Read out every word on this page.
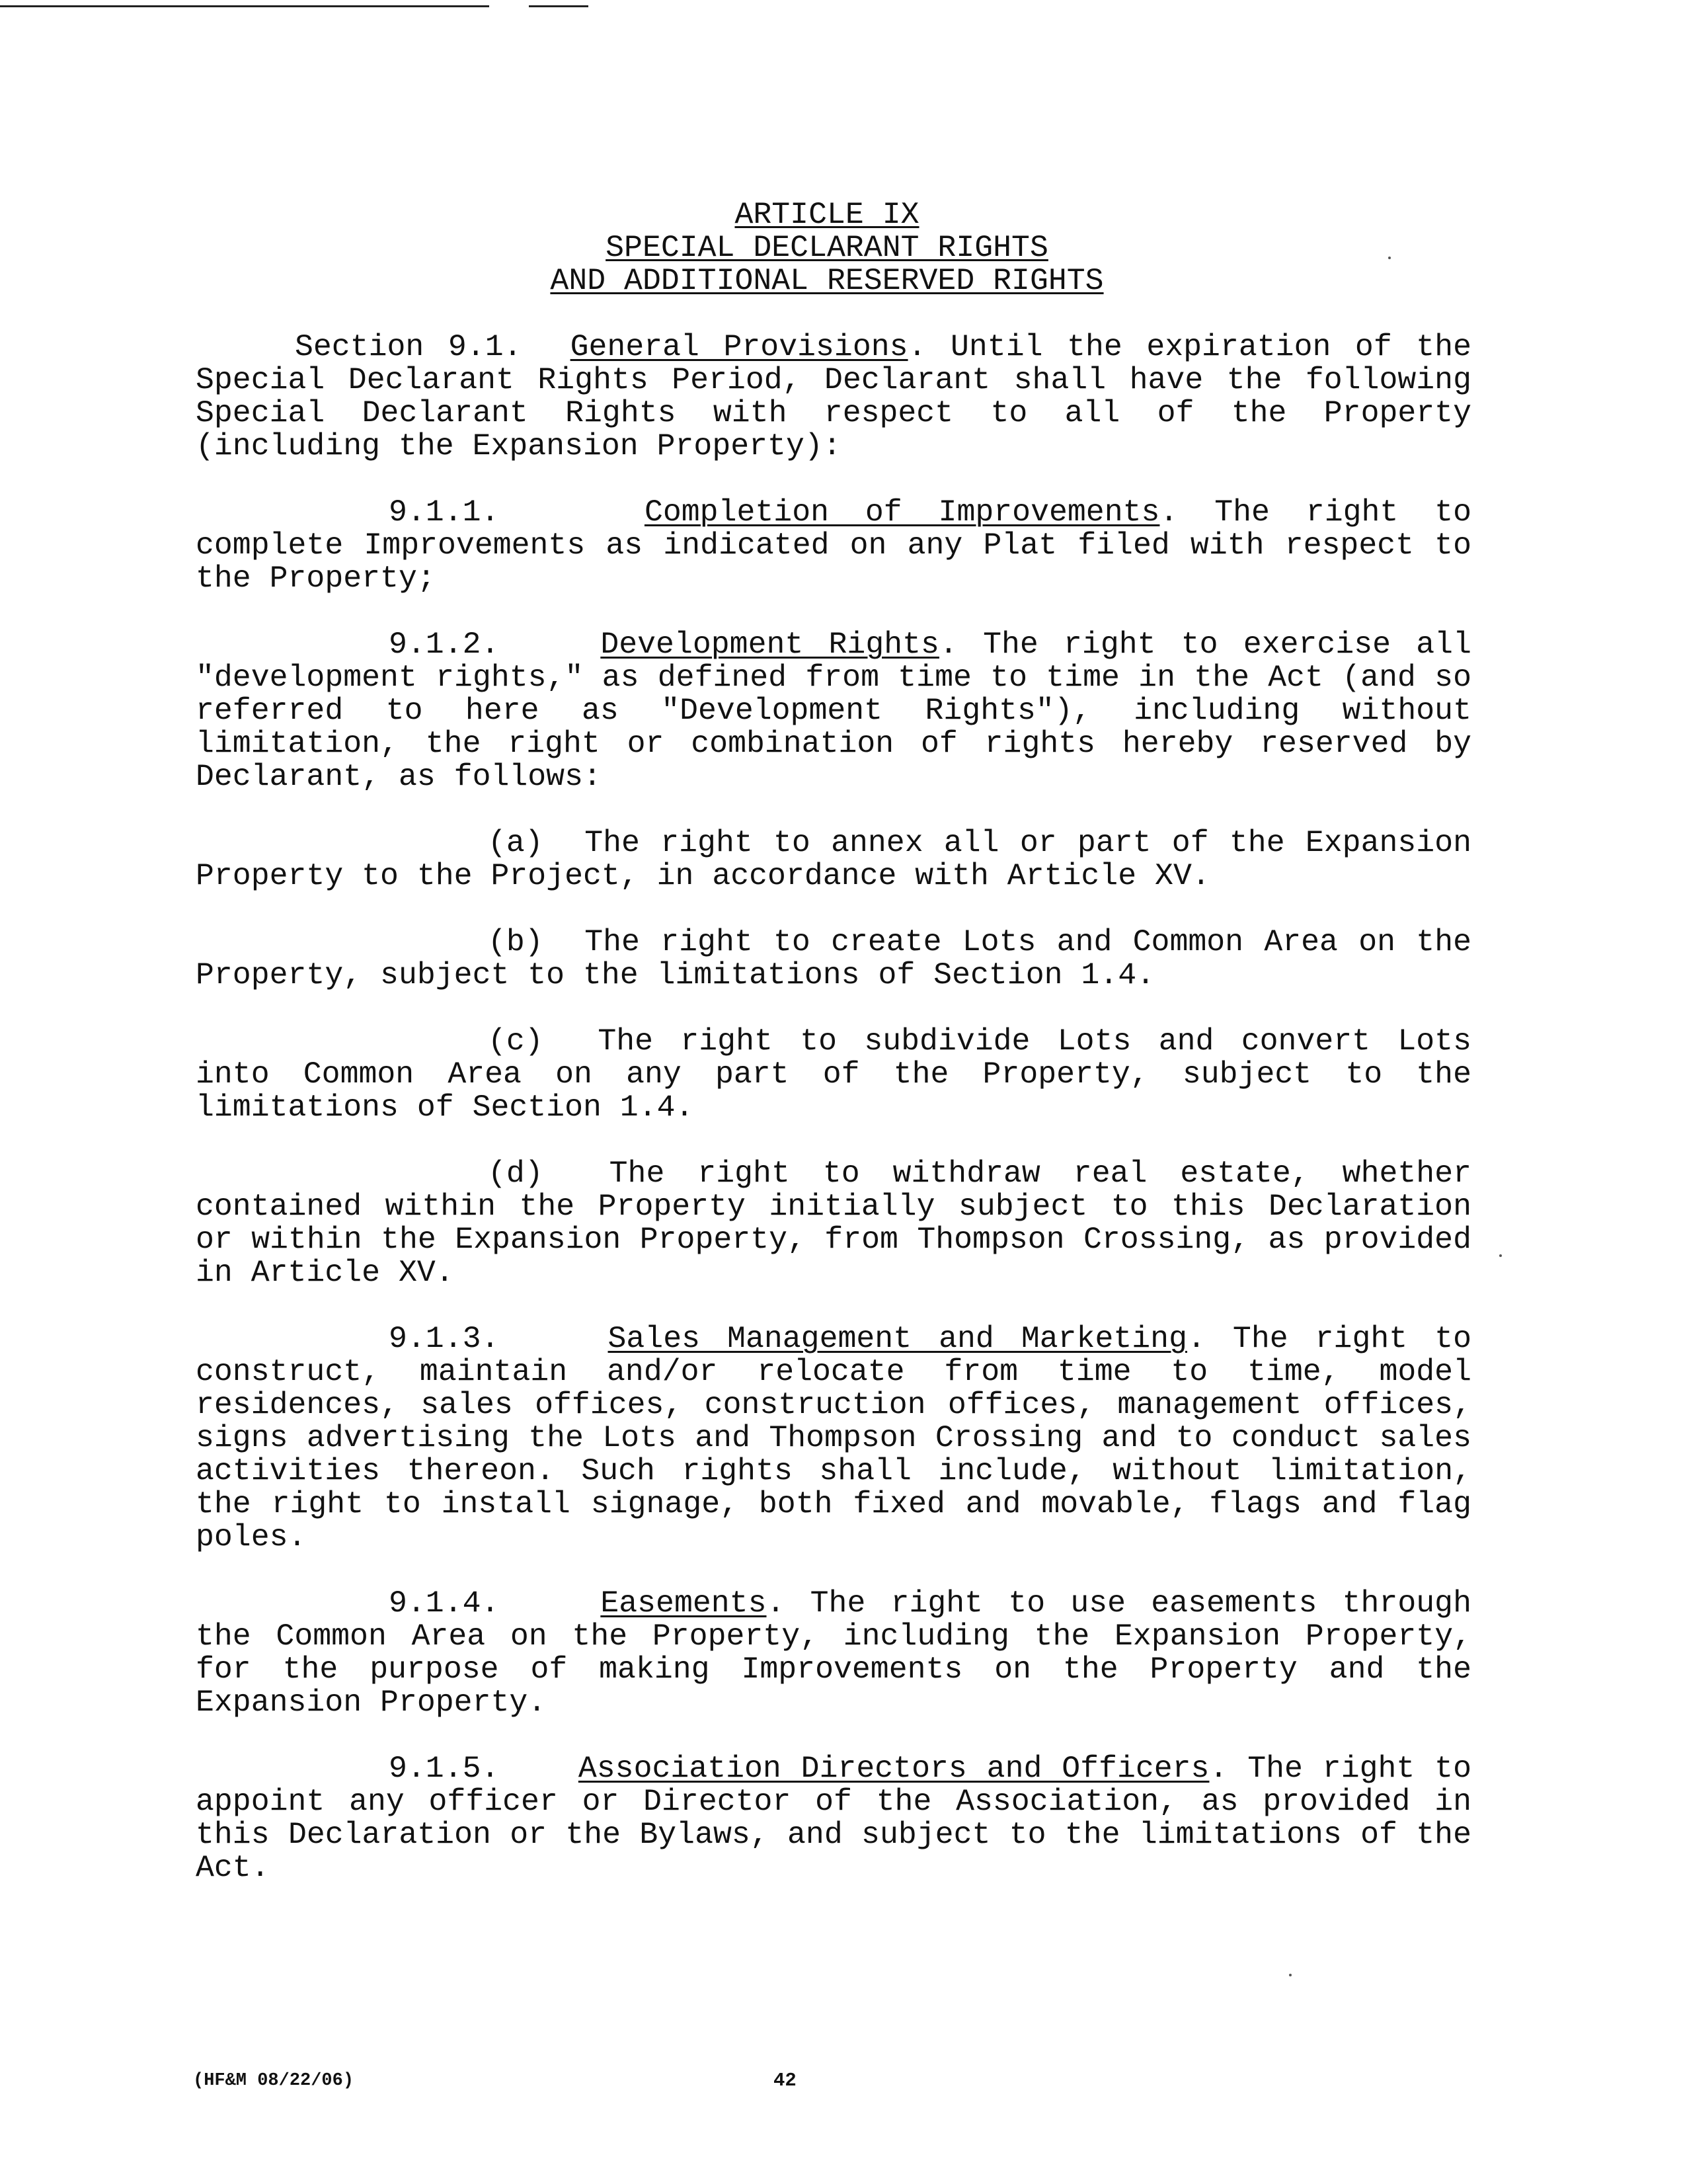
ARTICLE IX

SPECIAL DECLARANT RIGHTS

AND ADDITIONAL RESERVED RIGHTS

Section 9.1. General Provisions. Until the expiration of the Special Declarant Rights Period, Declarant shall have the following Special Declarant Rights with respect to all of the Property (including the Expansion Property):

9.1.1.	Completion of Improvements. The right to complete Improvements as indicated on any Plat filed with respect to the Property;

9.1.2.	Development Rights. The right to exercise all "development rights," as defined from time to time in the Act (and so referred to here as "Development Rights"), including without limitation, the right or combination of rights hereby reserved by Declarant, as follows:

(a) The right to annex all or part of the Expansion Property to the Project, in accordance with Article XV.

(b) The right to create Lots and Common Area on the Property, subject to the limitations of Section 1.4.

(c) The right to subdivide Lots and convert Lots into Common Area on any part of the Property, subject to the limitations of Section 1.4.

(d) The right to withdraw real estate, whether contained within the Property initially subject to this Declaration or within the Expansion Property, from Thompson Crossing, as provided in Article XV.

9.1.3.	Sales Management and Marketing. The right to construct, maintain and/or relocate from time to time, model residences, sales offices, construction offices, management offices, signs advertising the Lots and Thompson Crossing and to conduct sales activities thereon. Such rights shall include, without limitation, the right to install signage, both fixed and movable, flags and flag poles.

9.1.4.	Easements. The right to use easements through the Common Area on the Property, including the Expansion Property, for the purpose of making Improvements on the Property and the Expansion Property.

9.1.5.	Association Directors and Officers. The right to appoint any officer or Director of the Association, as provided in this Declaration or the Bylaws, and subject to the limitations of the Act.

(HF&M 08/22/06)	42
